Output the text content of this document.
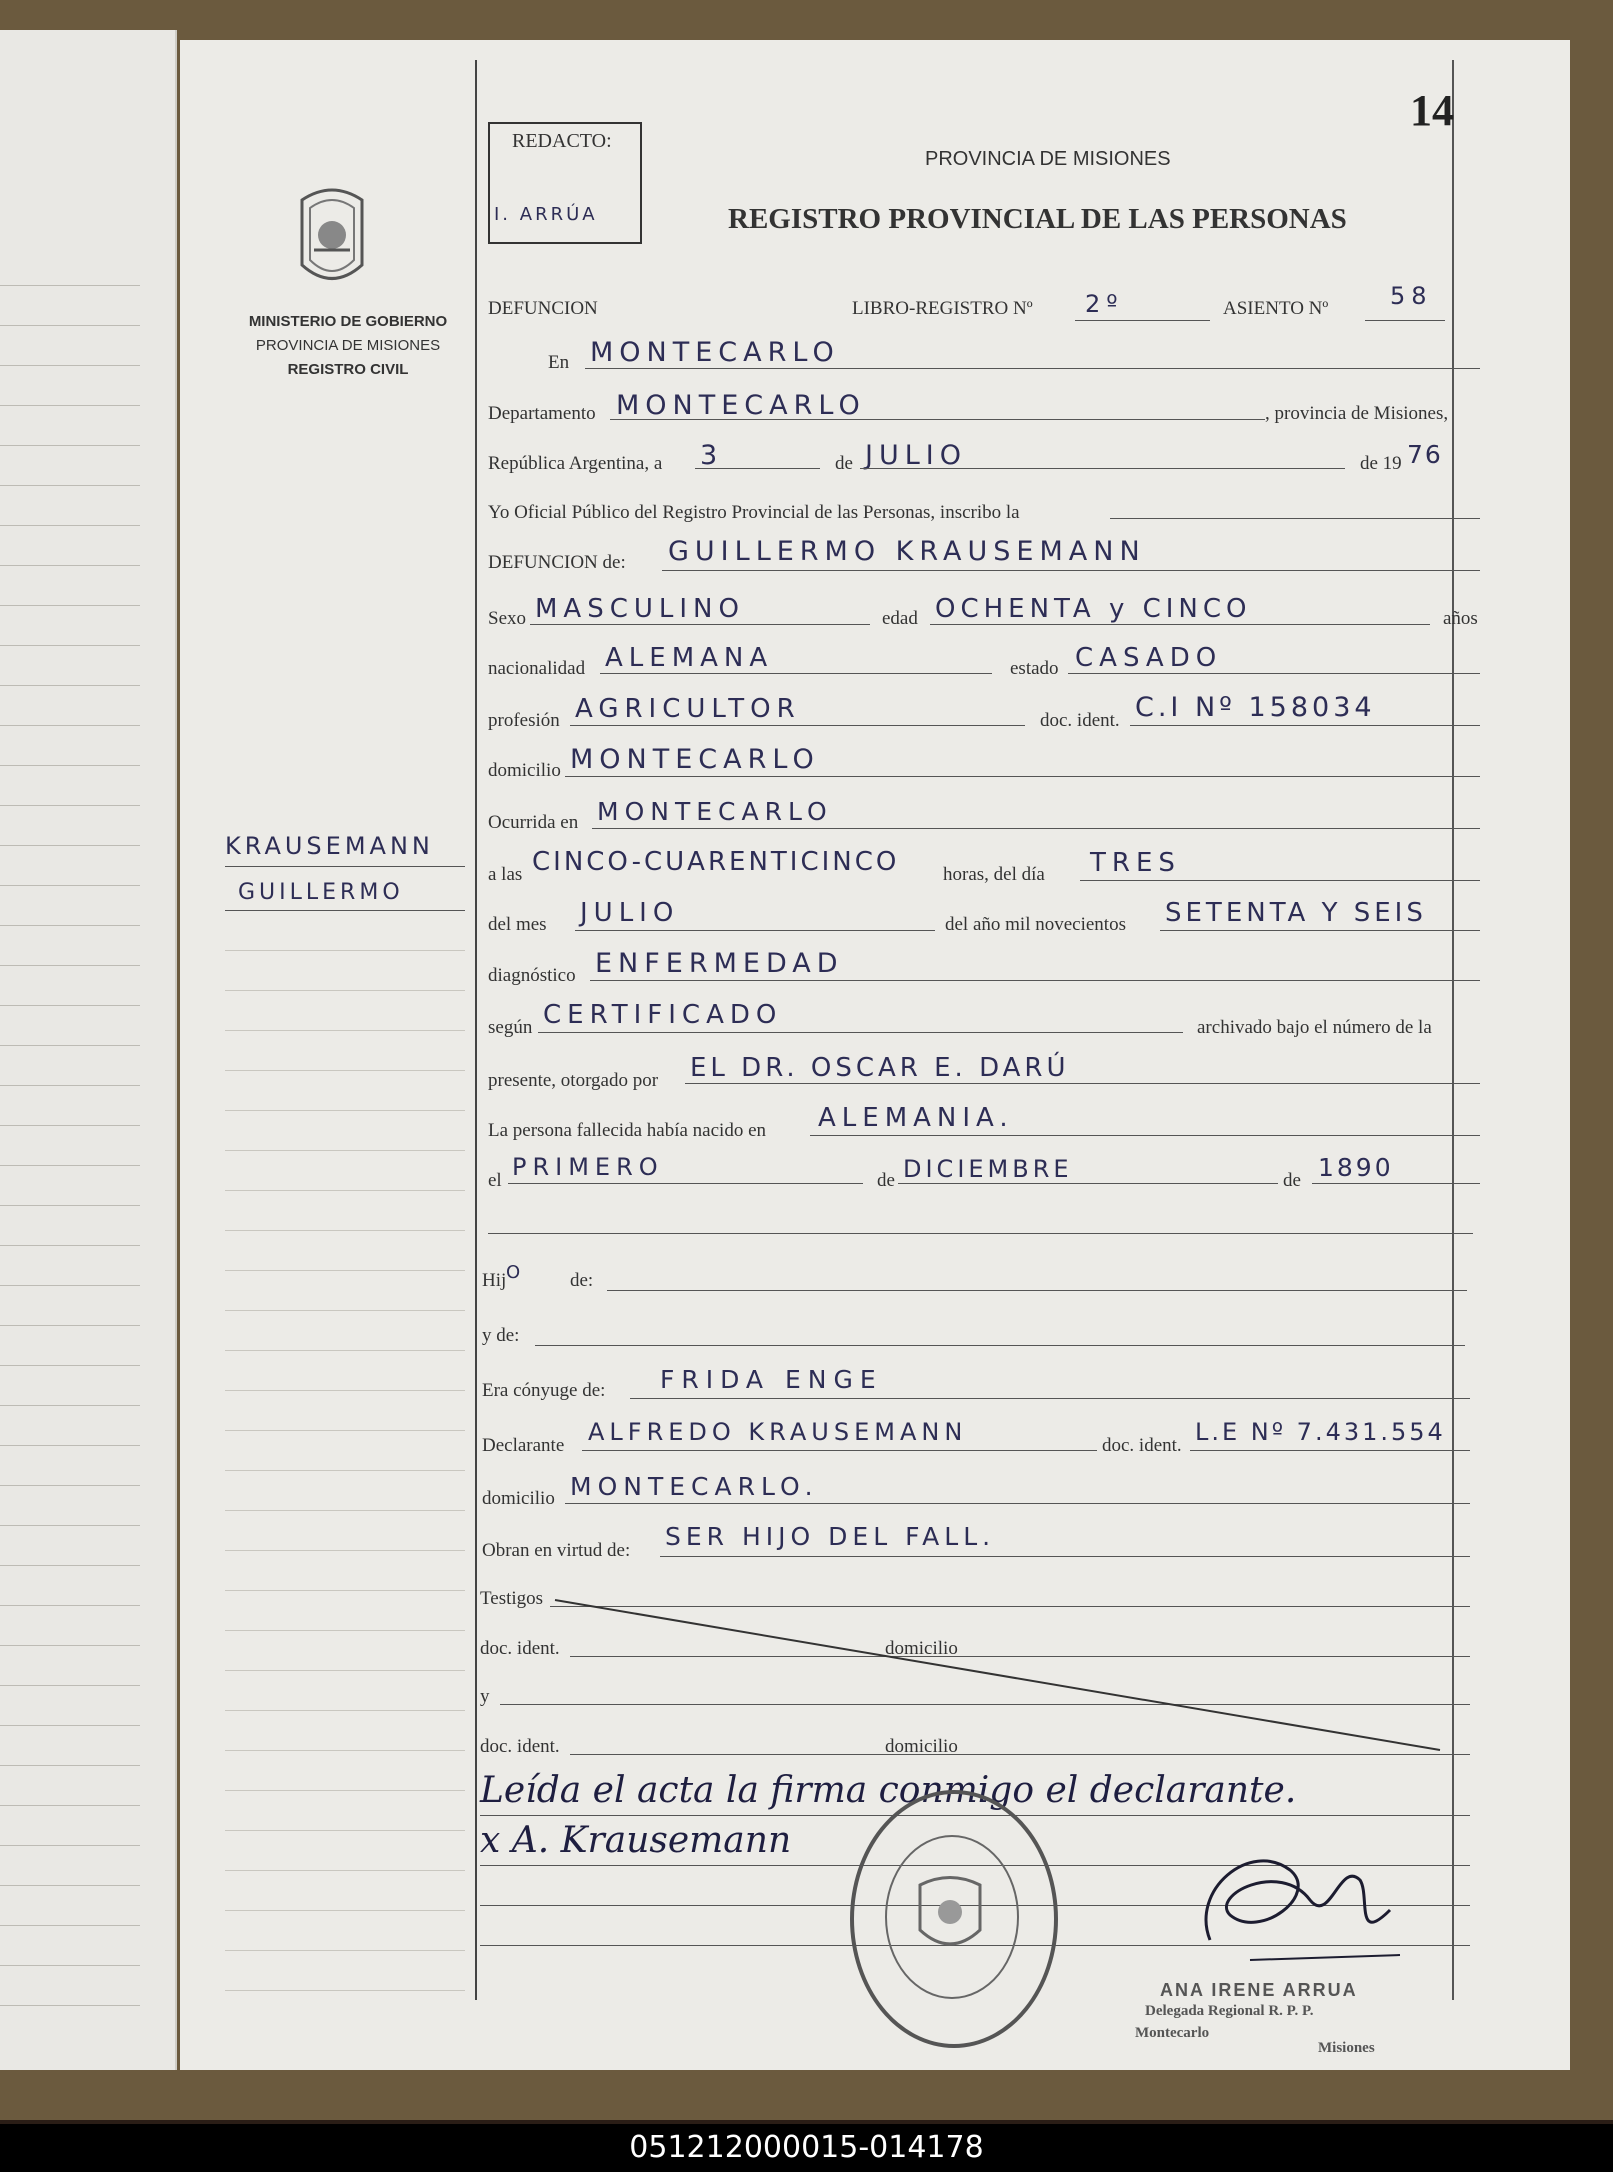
14
REDACTO:
I. ARRÚA
PROVINCIA DE MISIONES
REGISTRO PROVINCIAL DE LAS PERSONAS
MINISTERIO DE GOBIERNO
PROVINCIA DE MISIONES
REGISTRO CIVIL
KRAUSEMANN
GUILLERMO
DEFUNCION	LIBRO-REGISTRO Nº 2º	ASIENTO Nº	58
En MONTECARLO
Departamento MONTECARLO	, provincia de Misiones,
República Argentina, a 3	de JULIO	de 19 76
Yo Oficial Público del Registro Provincial de las Personas, inscribo la
DEFUNCION de: GUILLERMO KRAUSEMANN
Sexo MASCULINO	edad OCHENTA y CINCO	años
nacionalidad ALEMANA	estado CASADO
profesión AGRICULTOR	doc. ident. C.I Nº 158034
domicilio MONTECARLO
Ocurrida en MONTECARLO
a las CINCO-CUARENTICINCO horas, del día TRES
del mes JULIO	del año mil novecientos SETENTA Y SEIS
diagnóstico ENFERMEDAD
según CERTIFICADO	archivado bajo el número de la
presente, otorgado por EL DR. OSCAR E. DARÚ
La persona fallecida había nacido en ALEMANIA.
el PRIMERO	de DICIEMBRE	de 1890
Hij O de:
y de:
Era cónyuge de: FRIDA ENGE
Declarante ALFREDO KRAUSEMANN	doc. ident. L.E Nº 7.431.554
domicilio MONTECARLO.
Obran en virtud de: SER HIJO DEL FALL.
Testigos
doc. ident.	domicilio
y
doc. ident.	domicilio
Leída el acta la firma conmigo el declarante.
x A. Krausemann
ANA IRENE ARRUA
Delegada Regional R. P. P.
Montecarlo
Misiones
051212000015-014178
